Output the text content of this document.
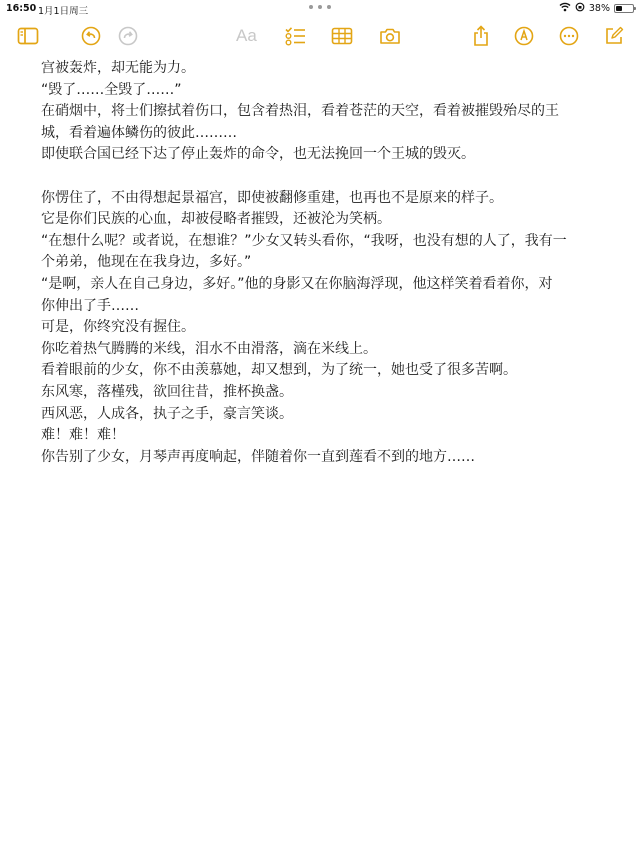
16:50 1月1日周三	38%
Aa

宫被轰炸，却无能为力。

“毁了……全毁了……”

在硝烟中，将士们擦拭着伤口，包含着热泪，看着苍茫的天空，看着被摧毁殆尽的王

城，看着遍体鳞伤的彼此………

即使联合国已经下达了停止轰炸的命令，也无法挽回一个王城的毁灭。

你愣住了，不由得想起景福宫，即使被翻修重建，也再也不是原来的样子。

它是你们民族的心血，却被侵略者摧毁，还被沦为笑柄。

“在想什么呢？或者说，在想谁？”少女又转头看你，“我呀，也没有想的人了，我有一

个弟弟，他现在在我身边，多好。”

“是啊，亲人在自己身边，多好。”他的身影又在你脑海浮现，他这样笑着看着你，对

你伸出了手……

可是，你终究没有握住。

你吃着热气腾腾的米线，泪水不由滑落，滴在米线上。

看着眼前的少女，你不由羡慕她，却又想到，为了统一，她也受了很多苦啊。

东风寒，落槿残，欲回往昔，推杯换盏。

西风恶，人成各，执子之手，豪言笑谈。

难！难！难！

你告别了少女，月琴声再度响起，伴随着你一直到莲看不到的地方……
